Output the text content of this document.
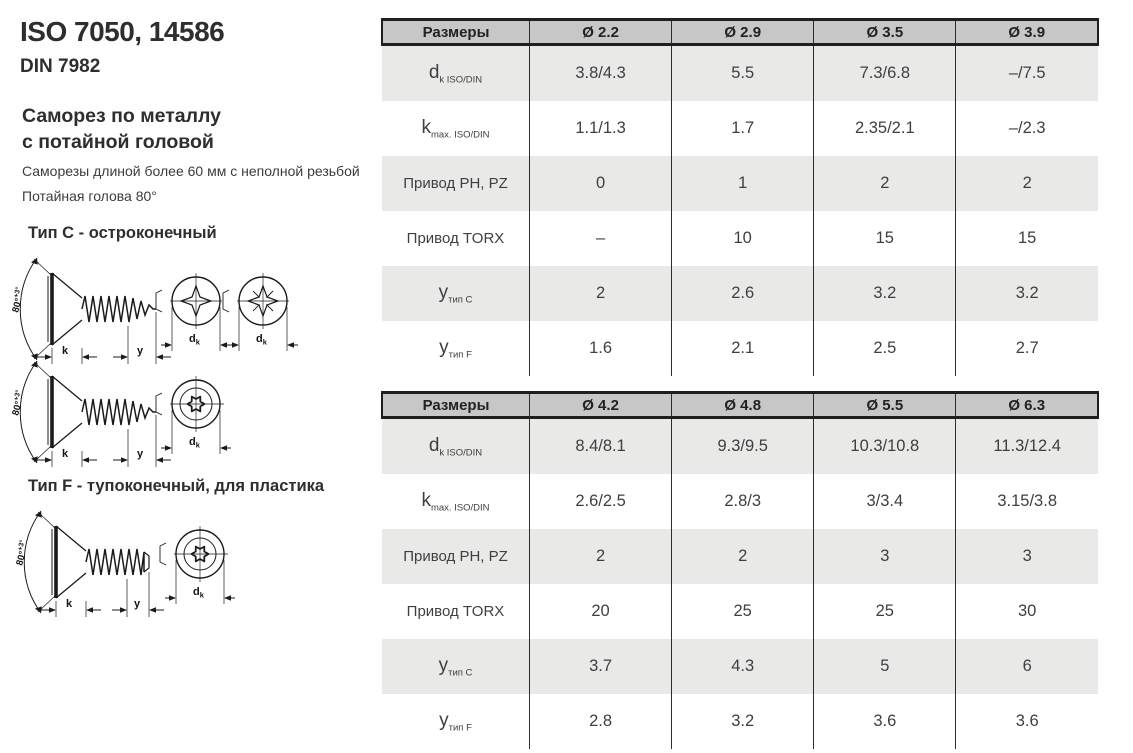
ISO 7050, 14586
DIN 7982
Саморез по металлу
с потайной головой
Саморезы длиной более 60 мм с неполной резьбой
Потайная голова 80°
Тип C - остроконечный
Тип F - тупоконечный, для пластика
80°$^{+3^\circ}$
k	y
$d_k$	$d_k$
80°$^{+3^\circ}$
k	y
$d_k$
80°$^{+3^\circ}$
k	y
$d_k$
Размеры	Ø 2.2	Ø 2.9	Ø 3.5	Ø 3.9
$d_{k ISO/DIN}$	3.8/4.3	5.5	7.3/6.8	–/7.5
$k_{max. ISO/DIN}$	1.1/1.3	1.7	2.35/2.1	–/2.3
Привод PH, PZ	0	1	2	2
Привод TORX	–	10	15	15
$y_{тип C}$	2	2.6	3.2	3.2
$y_{тип F}$	1.6	2.1	2.5	2.7
Размеры	Ø 4.2	Ø 4.8	Ø 5.5	Ø 6.3
$d_{k ISO/DIN}$	8.4/8.1	9.3/9.5	10.3/10.8	11.3/12.4
$k_{max. ISO/DIN}$	2.6/2.5	2.8/3	3/3.4	3.15/3.8
Привод PH, PZ	2	2	3	3
Привод TORX	20	25	25	30
$y_{тип C}$	3.7	4.3	5	6
$y_{тип F}$	2.8	3.2	3.6	3.6
